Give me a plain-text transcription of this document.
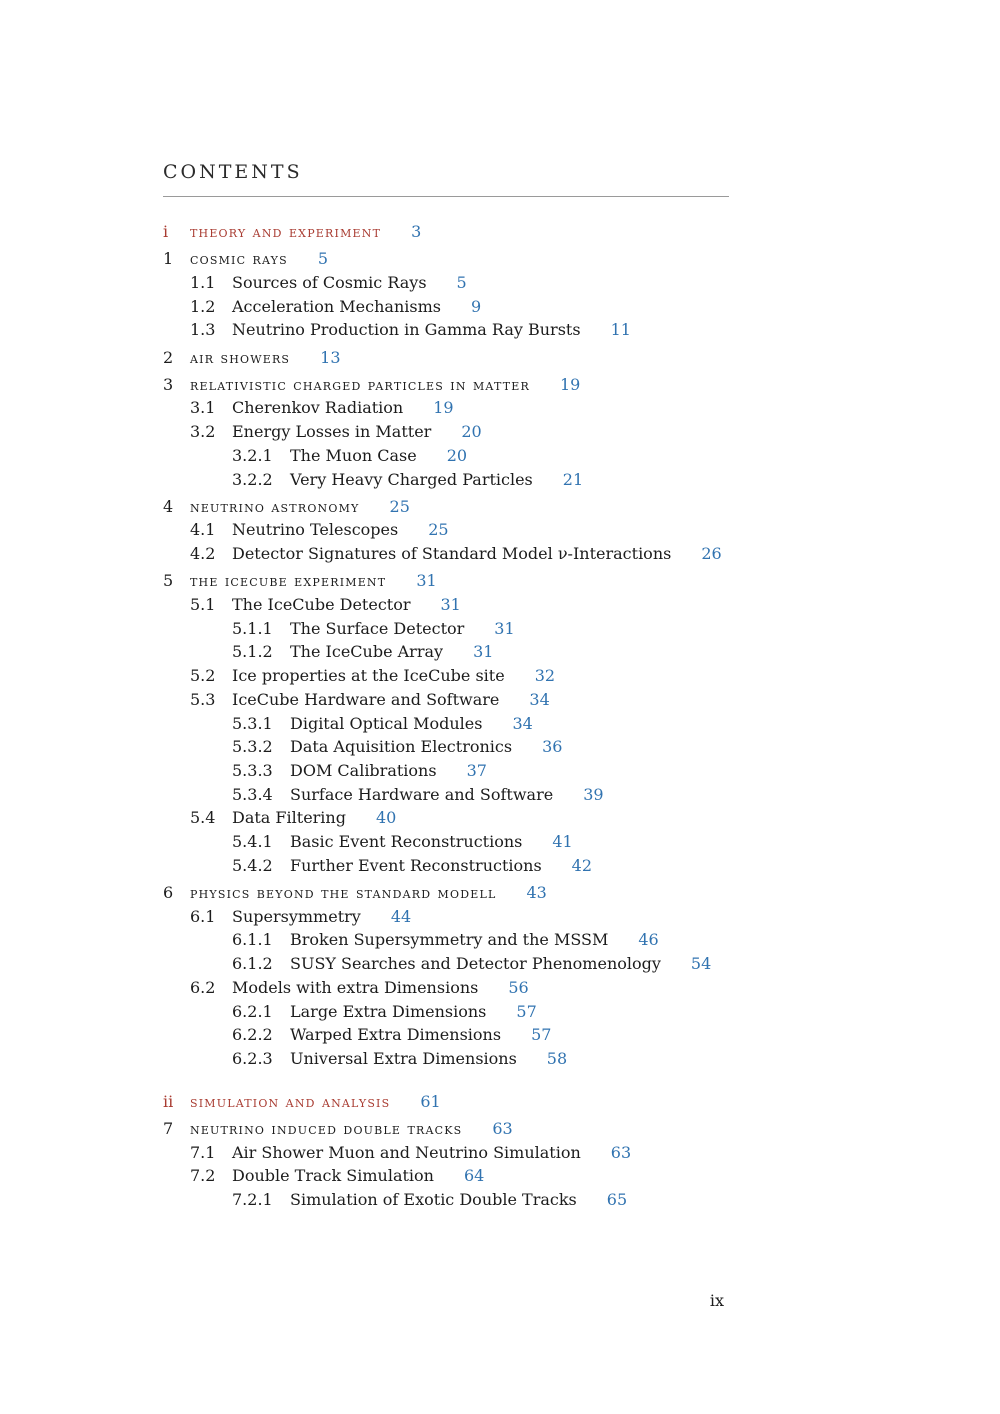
CONTENTS
i	theory and experiment 3
1	cosmic rays 5
1.1	Sources of Cosmic Rays 5
1.2	Acceleration Mechanisms 9
1.3	Neutrino Production in Gamma Ray Bursts 11
2	air showers 13
3	relativistic charged particles in matter 19
3.1	Cherenkov Radiation 19
3.2	Energy Losses in Matter 20
3.2.1	The Muon Case 20
3.2.2	Very Heavy Charged Particles 21
4	neutrino astronomy 25
4.1	Neutrino Telescopes 25
4.2	Detector Signatures of Standard Model ν-Interactions 26
5	the icecube experiment 31
5.1	The IceCube Detector 31
5.1.1	The Surface Detector 31
5.1.2	The IceCube Array 31
5.2	Ice properties at the IceCube site 32
5.3	IceCube Hardware and Software 34
5.3.1	Digital Optical Modules 34
5.3.2	Data Aquisition Electronics 36
5.3.3	DOM Calibrations 37
5.3.4	Surface Hardware and Software 39
5.4	Data Filtering 40
5.4.1	Basic Event Reconstructions 41
5.4.2	Further Event Reconstructions 42
6	physics beyond the standard modell 43
6.1	Supersymmetry 44
6.1.1	Broken Supersymmetry and the MSSM 46
6.1.2	SUSY Searches and Detector Phenomenology 54
6.2	Models with extra Dimensions 56
6.2.1	Large Extra Dimensions 57
6.2.2	Warped Extra Dimensions 57
6.2.3	Universal Extra Dimensions 58
ii	simulation and analysis 61
7	neutrino induced double tracks 63
7.1	Air Shower Muon and Neutrino Simulation 63
7.2	Double Track Simulation 64
7.2.1	Simulation of Exotic Double Tracks 65
ix
